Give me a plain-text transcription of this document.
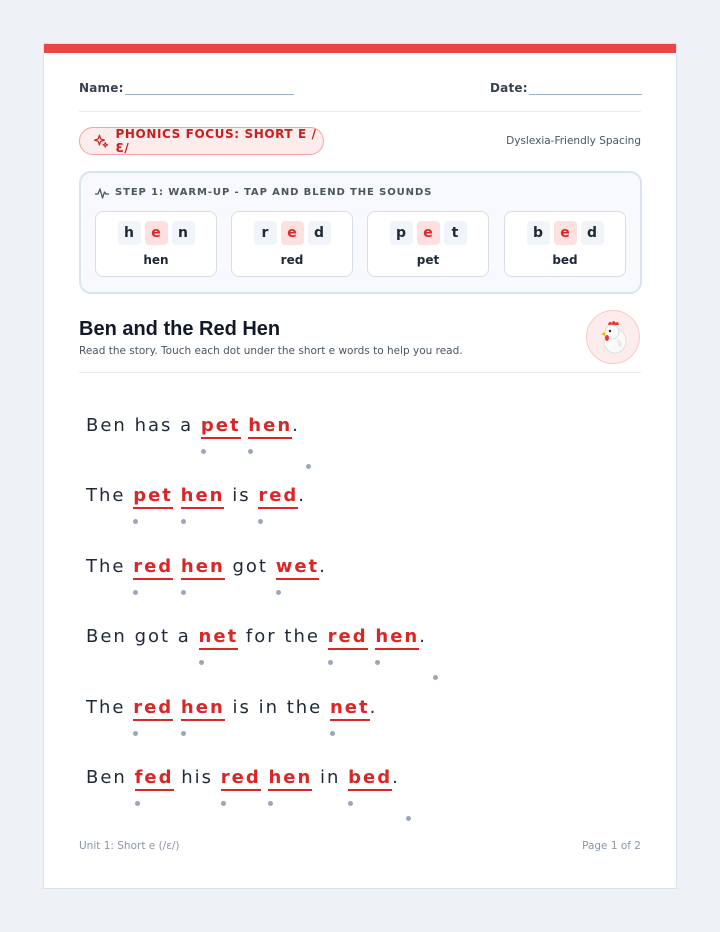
Name:	Date:
PHONICS FOCUS: SHORT E /Ɛ/	Dyslexia-Friendly Spacing
STEP 1: WARM-UP - TAP AND BLEND THE SOUNDS
h	e	n
hen
r	e	d
red
p	e	t
pet
b	e	d
bed
Ben and the Red Hen
Read the story. Touch each dot under the short e words to help you read.
Ben has a pet hen.
The pet hen is red.
The red hen got wet.
Ben got a net for the red hen.
The red hen is in the net.
Ben fed his red hen in bed.
Unit 1: Short e (/ɛ/)	Page 1 of 2
